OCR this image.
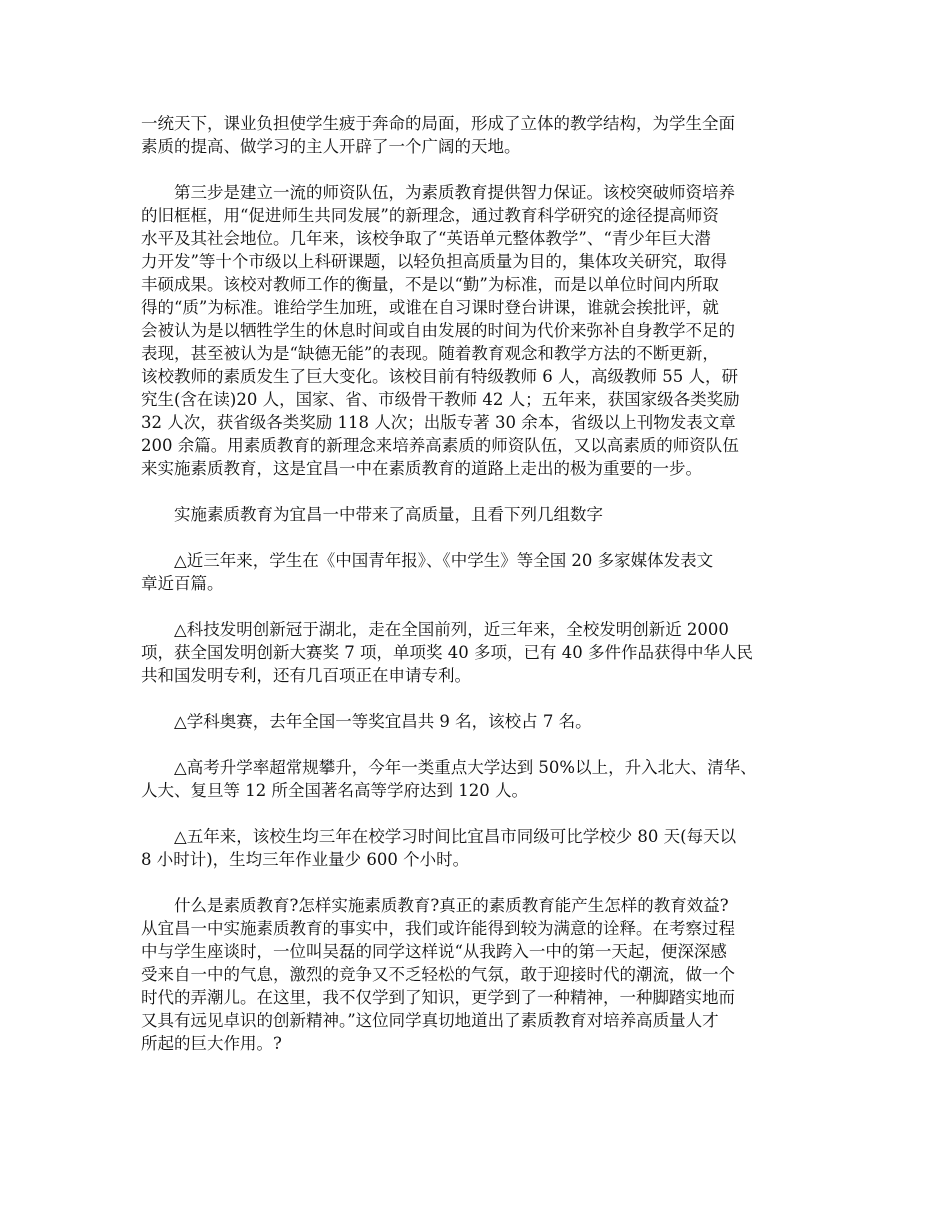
一统天下，课业负担使学生疲于奔命的局面，形成了立体的教学结构，为学生全面
素质的提高、做学习的主人开辟了一个广阔的天地。

第三步是建立一流的师资队伍，为素质教育提供智力保证。该校突破师资培养
的旧框框，用“促进师生共同发展”的新理念，通过教育科学研究的途径提高师资
水平及其社会地位。几年来，该校争取了“英语单元整体教学”、“青少年巨大潜
力开发”等十个市级以上科研课题，以轻负担高质量为目的，集体攻关研究，取得
丰硕成果。该校对教师工作的衡量，不是以“勤”为标准，而是以单位时间内所取
得的“质”为标准。谁给学生加班，或谁在自习课时登台讲课，谁就会挨批评，就
会被认为是以牺牲学生的休息时间或自由发展的时间为代价来弥补自身教学不足的
表现，甚至被认为是“缺德无能”的表现。随着教育观念和教学方法的不断更新，
该校教师的素质发生了巨大变化。该校目前有特级教师 6 人，高级教师 55 人，研
究生(含在读)20 人，国家、省、市级骨干教师 42 人；五年来，获国家级各类奖励
32 人次，获省级各类奖励 118 人次；出版专著 30 余本，省级以上刊物发表文章
200 余篇。用素质教育的新理念来培养高素质的师资队伍，又以高素质的师资队伍
来实施素质教育，这是宜昌一中在素质教育的道路上走出的极为重要的一步。

实施素质教育为宜昌一中带来了高质量，且看下列几组数字

△近三年来，学生在《中国青年报》、《中学生》等全国 20 多家媒体发表文
章近百篇。

△科技发明创新冠于湖北，走在全国前列，近三年来，全校发明创新近 2000
项，获全国发明创新大赛奖 7 项，单项奖 40 多项，已有 40 多件作品获得中华人民
共和国发明专利，还有几百项正在申请专利。

△学科奥赛，去年全国一等奖宜昌共 9 名，该校占 7 名。

△高考升学率超常规攀升，今年一类重点大学达到 50%以上，升入北大、清华、
人大、复旦等 12 所全国著名高等学府达到 120 人。

△五年来，该校生均三年在校学习时间比宜昌市同级可比学校少 80 天(每天以
8 小时计)，生均三年作业量少 600 个小时。

什么是素质教育?怎样实施素质教育?真正的素质教育能产生怎样的教育效益?
从宜昌一中实施素质教育的事实中，我们或许能得到较为满意的诠释。在考察过程
中与学生座谈时，一位叫吴磊的同学这样说“从我跨入一中的第一天起，便深深感
受来自一中的气息，激烈的竞争又不乏轻松的气氛，敢于迎接时代的潮流，做一个
时代的弄潮儿。在这里，我不仅学到了知识，更学到了一种精神，一种脚踏实地而
又具有远见卓识的创新精神。”这位同学真切地道出了素质教育对培养高质量人才
所起的巨大作用。?
